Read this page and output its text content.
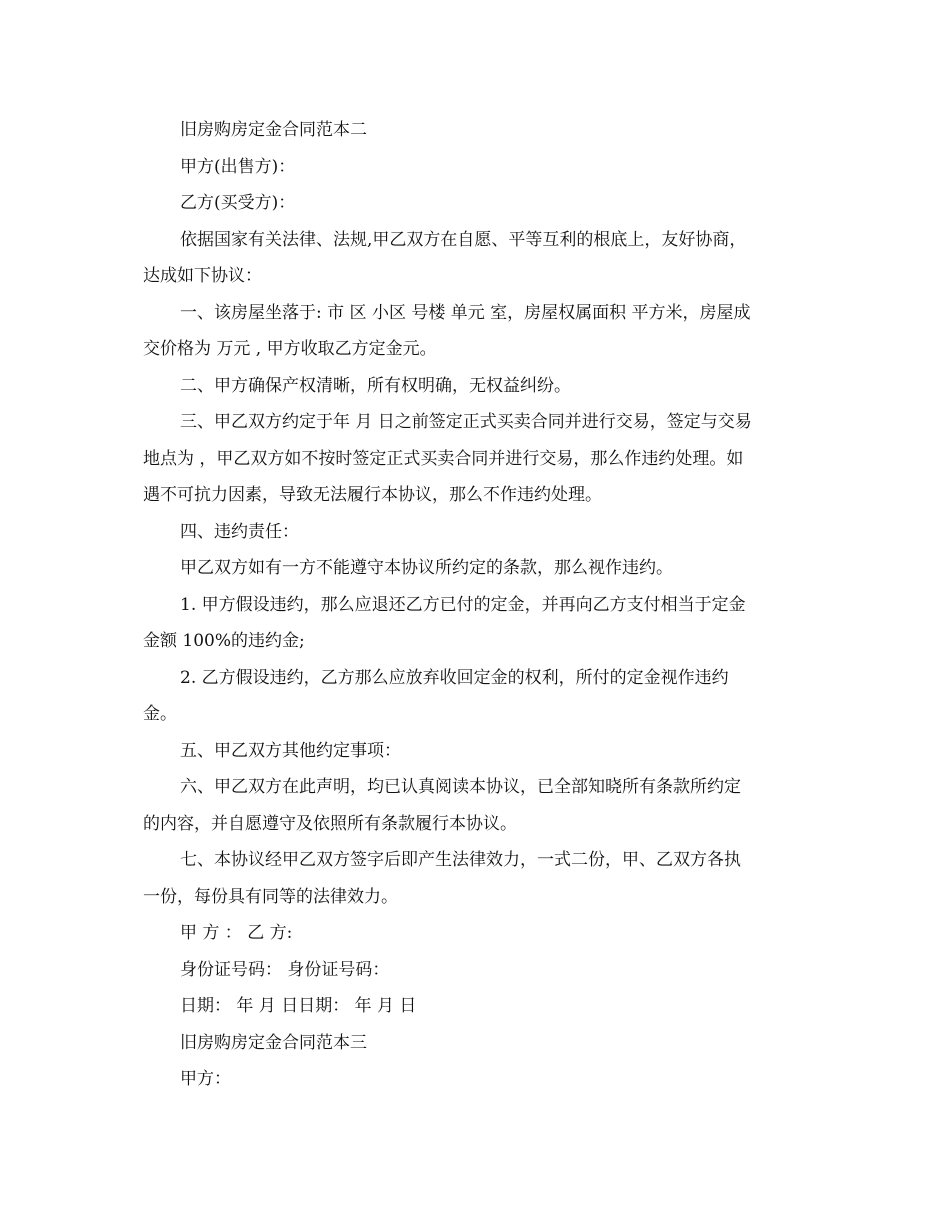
旧房购房定金合同范本二
甲方(出售方)：
乙方(买受方)：
依据国家有关法律、法规,甲乙双方在自愿、平等互利的根底上，友好协商，
达成如下协议：
一、该房屋坐落于: 市 区 小区 号楼 单元 室，房屋权属面积 平方米，房屋成
交价格为 万元 , 甲方收取乙方定金元。
二、甲方确保产权清晰，所有权明确，无权益纠纷。
三、甲乙双方约定于年 月 日之前签定正式买卖合同并进行交易，签定与交易
地点为 ，甲乙双方如不按时签定正式买卖合同并进行交易，那么作违约处理。如
遇不可抗力因素，导致无法履行本协议，那么不作违约处理。
四、违约责任：
甲乙双方如有一方不能遵守本协议所约定的条款，那么视作违约。
1. 甲方假设违约，那么应退还乙方已付的定金，并再向乙方支付相当于定金
金额 100%的违约金;
2. 乙方假设违约，乙方那么应放弃收回定金的权利，所付的定金视作违约
金。
五、甲乙双方其他约定事项：
六、甲乙双方在此声明，均已认真阅读本协议，已全部知晓所有条款所约定
的内容，并自愿遵守及依照所有条款履行本协议。
七、本协议经甲乙双方签字后即产生法律效力，一式二份，甲、乙双方各执
一份，每份具有同等的法律效力。
甲 方 ： 乙 方:
身份证号码： 身份证号码：
日期： 年 月 日日期： 年 月 日
旧房购房定金合同范本三
甲方：
